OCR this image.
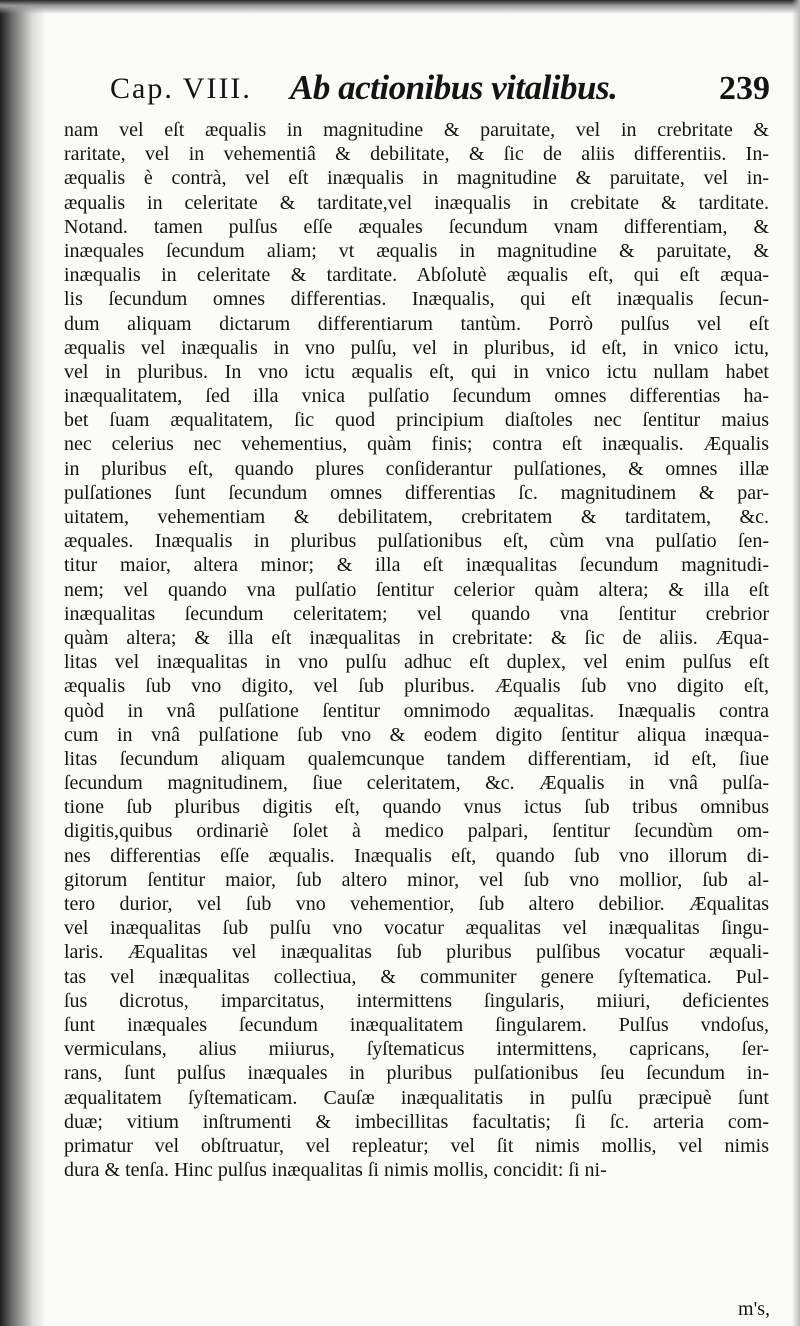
Cap. VIII. Ab actionibus vitalibus.	239
nam vel eſt æqualis in magnitudine & paruitate, vel in crebritate &
raritate, vel in vehementiâ & debilitate, & ſic de aliis differentiis. In-
æqualis è contrà, vel eſt inæqualis in magnitudine & paruitate, vel in-
æqualis in celeritate & tarditate,vel inæqualis in crebitate & tarditate.
Notand. tamen pulſus eſſe æquales ſecundum vnam differentiam, &
inæquales ſecundum aliam; vt æqualis in magnitudine & paruitate, &
inæqualis in celeritate & tarditate. Abſolutè æqualis eſt, qui eſt æqua-
lis ſecundum omnes differentias. Inæqualis, qui eſt inæqualis ſecun-
dum aliquam dictarum differentiarum tantùm. Porrò pulſus vel eſt
æqualis vel inæqualis in vno pulſu, vel in pluribus, id eſt, in vnico ictu,
vel in pluribus. In vno ictu æqualis eſt, qui in vnico ictu nullam habet
inæqualitatem, ſed illa vnica pulſatio ſecundum omnes differentias ha-
bet ſuam æqualitatem, ſic quod principium diaſtoles nec ſentitur maius
nec celerius nec vehementius, quàm finis; contra eſt inæqualis. Æqualis
in pluribus eſt, quando plures conſiderantur pulſationes, & omnes illæ
pulſationes ſunt ſecundum omnes differentias ſc. magnitudinem & par-
uitatem, vehementiam & debilitatem, crebritatem & tarditatem, &c.
æquales. Inæqualis in pluribus pulſationibus eſt, cùm vna pulſatio ſen-
titur maior, altera minor; & illa eſt inæqualitas ſecundum magnitudi-
nem; vel quando vna pulſatio ſentitur celerior quàm altera; & illa eſt
inæqualitas ſecundum celeritatem; vel quando vna ſentitur crebrior
quàm altera; & illa eſt inæqualitas in crebritate: & ſic de aliis. Æqua-
litas vel inæqualitas in vno pulſu adhuc eſt duplex, vel enim pulſus eſt
æqualis ſub vno digito, vel ſub pluribus. Æqualis ſub vno digito eſt,
quòd in vnâ pulſatione ſentitur omnimodo æqualitas. Inæqualis contra
cum in vnâ pulſatione ſub vno & eodem digito ſentitur aliqua inæqua-
litas ſecundum aliquam qualemcunque tandem differentiam, id eſt, ſiue
ſecundum magnitudinem, ſiue celeritatem, &c. Æqualis in vnâ pulſa-
tione ſub pluribus digitis eſt, quando vnus ictus ſub tribus omnibus
digitis,quibus ordinariè ſolet à medico palpari, ſentitur ſecundùm om-
nes differentias eſſe æqualis. Inæqualis eſt, quando ſub vno illorum di-
gitorum ſentitur maior, ſub altero minor, vel ſub vno mollior, ſub al-
tero durior, vel ſub vno vehementior, ſub altero debilior. Æqualitas
vel inæqualitas ſub pulſu vno vocatur æqualitas vel inæqualitas ſingu-
laris. Æqualitas vel inæqualitas ſub pluribus pulſibus vocatur æquali-
tas vel inæqualitas collectiua, & communiter genere ſyſtematica. Pul-
ſus dicrotus, imparcitatus, intermittens ſingularis, miiuri, deficientes
ſunt inæquales ſecundum inæqualitatem ſingularem. Pulſus vndoſus,
vermiculans, alius miiurus, ſyſtematicus intermittens, capricans, ſer-
rans, ſunt pulſus inæquales in pluribus pulſationibus ſeu ſecundum in-
æqualitatem ſyſtematicam. Cauſæ inæqualitatis in pulſu præcipuè ſunt
duæ; vitium inſtrumenti & imbecillitas facultatis; ſi ſc. arteria com-
primatur vel obſtruatur, vel repleatur; vel ſit nimis mollis, vel nimis
dura & tenſa. Hinc pulſus inæqualitas ſi nimis mollis, concidit: ſi ni-
m's,
